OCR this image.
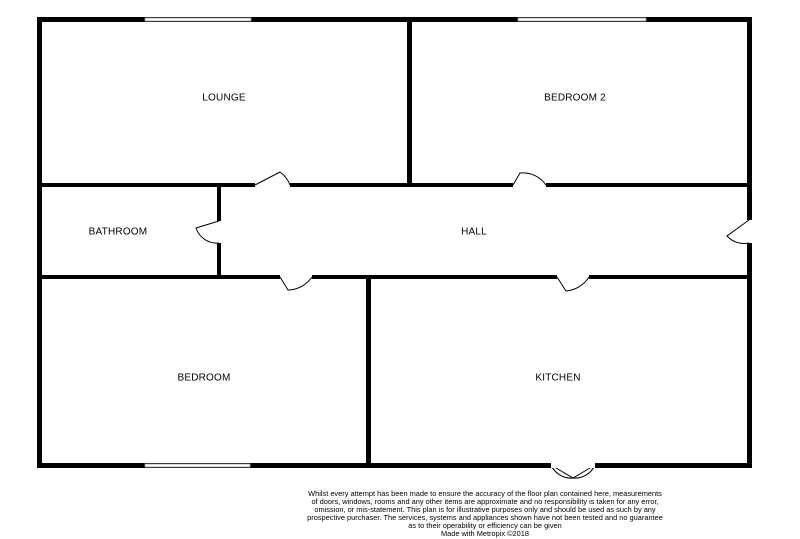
LOUNGE	BEDROOM 2
BATHROOM	HALL
BEDROOM	KITCHEN
Whilst every attempt has been made to ensure the accuracy of the floor plan contained here, measurements
of doors, windows, rooms and any other items are approximate and no responsibility is taken for any error,
omission, or mis-statement. This plan is for illustrative purposes only and should be used as such by any
prospective purchaser. The services, systems and appliances shown have not been tested and no guarantee
as to their operability or efficiency can be given
Made with Metropix ©2018
